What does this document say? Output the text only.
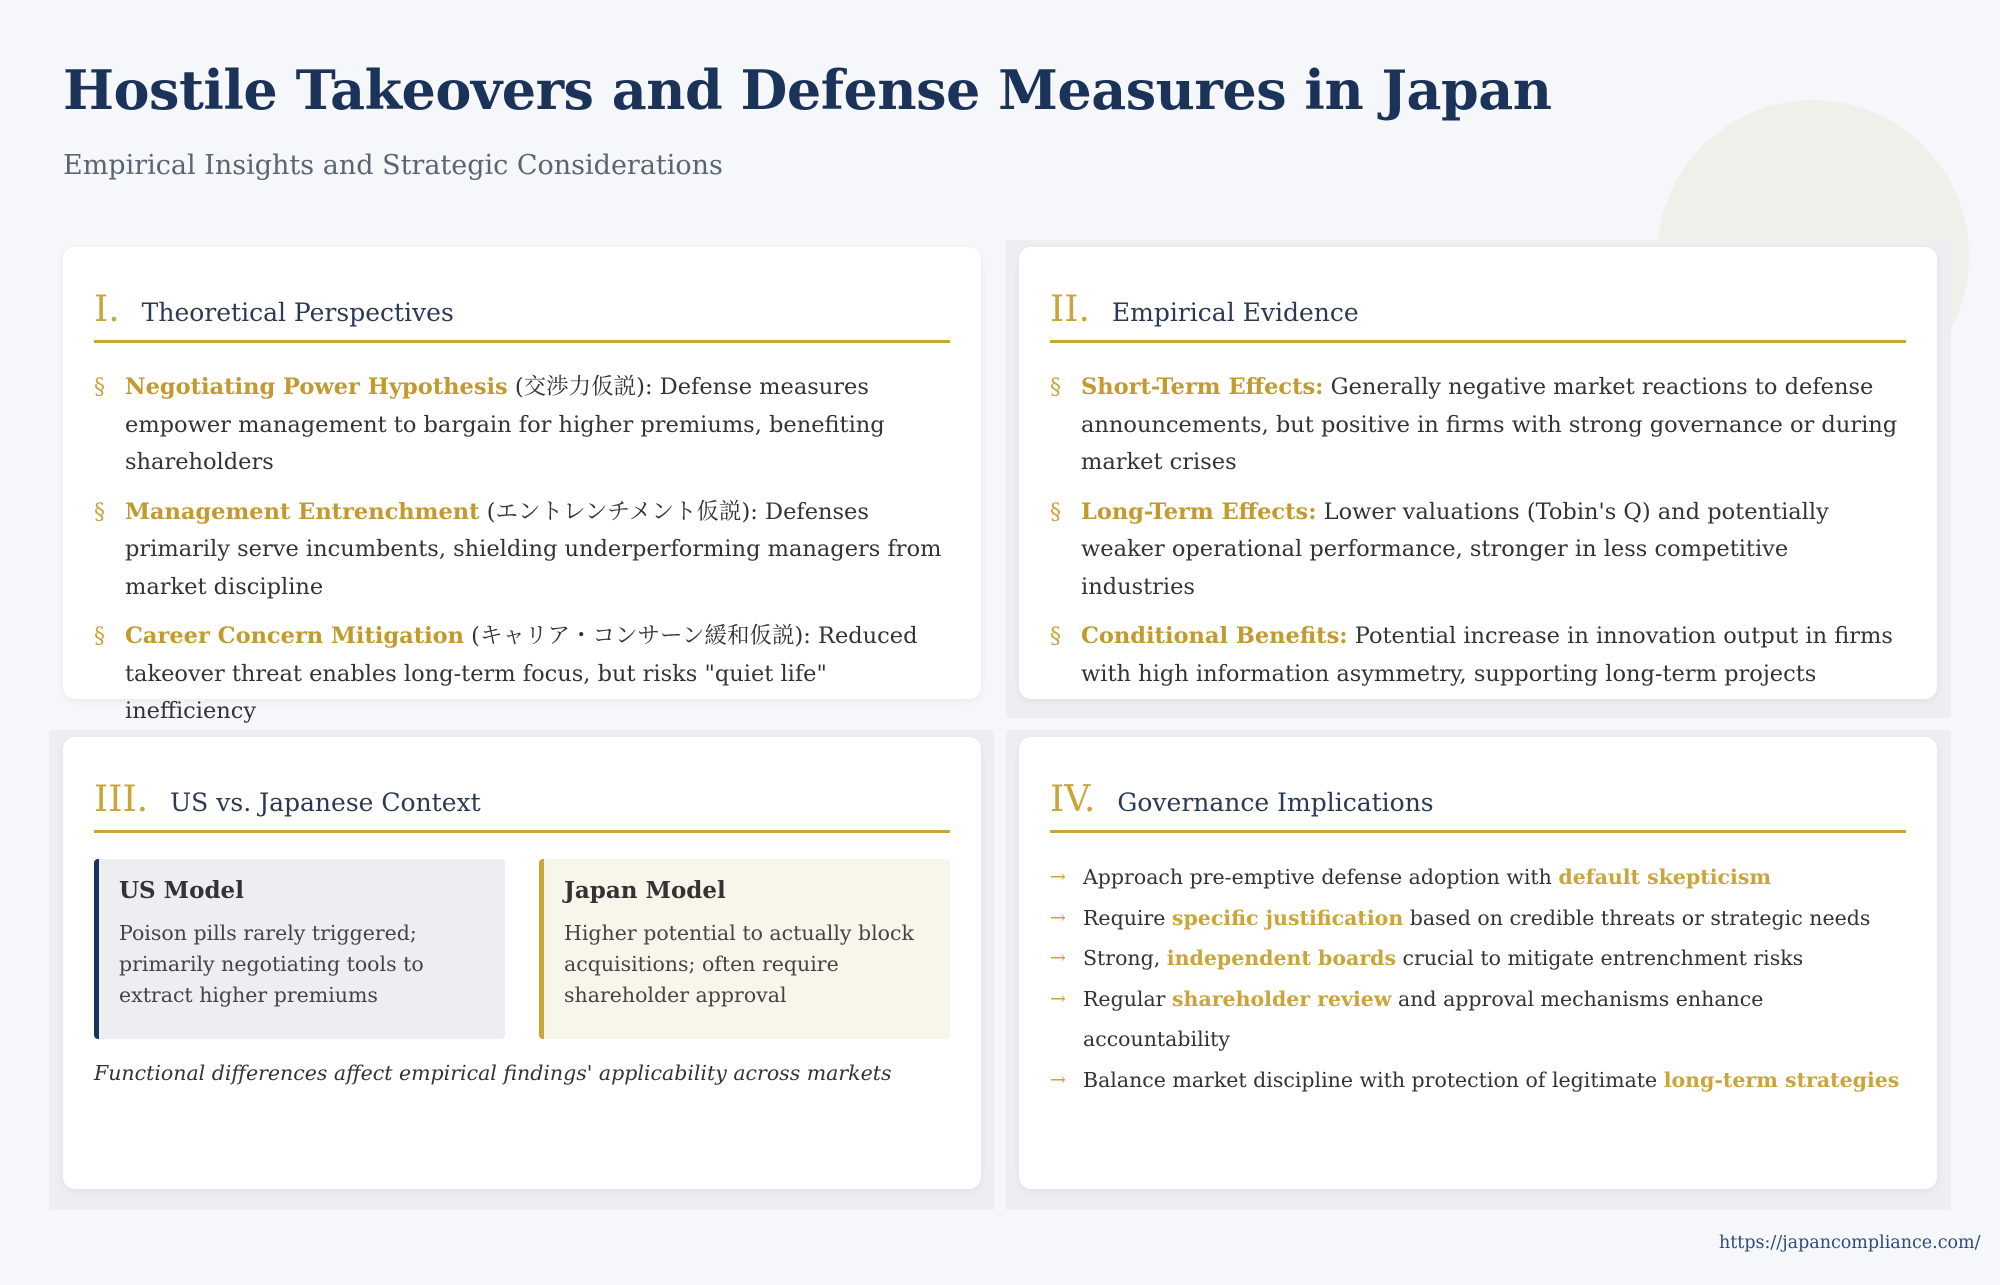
Hostile Takeovers and Defense Measures in Japan
Empirical Insights and Strategic Considerations
I. Theoretical Perspectives
§ Negotiating Power Hypothesis (交渉力仮説): Defense measures empower management to bargain for higher premiums, benefiting shareholders
§ Management Entrenchment (エントレンチメント仮説): Defenses primarily serve incumbents, shielding underperforming managers from market discipline
§ Career Concern Mitigation (キャリア・コンサーン緩和仮説): Reduced takeover threat enables long-term focus, but risks "quiet life" inefficiency
II. Empirical Evidence
§ Short-Term Effects: Generally negative market reactions to defense announcements, but positive in firms with strong governance or during market crises
§ Long-Term Effects: Lower valuations (Tobin's Q) and potentially weaker operational performance, stronger in less competitive industries
§ Conditional Benefits: Potential increase in innovation output in firms with high information asymmetry, supporting long-term projects
III. US vs. Japanese Context
US Model
Poison pills rarely triggered; primarily negotiating tools to extract higher premiums
Japan Model
Higher potential to actually block acquisitions; often require shareholder approval
Functional differences affect empirical findings' applicability across markets
IV. Governance Implications
→ Approach pre-emptive defense adoption with default skepticism
→ Require specific justification based on credible threats or strategic needs
→ Strong, independent boards crucial to mitigate entrenchment risks
→ Regular shareholder review and approval mechanisms enhance accountability
→ Balance market discipline with protection of legitimate long-term strategies
https://japancompliance.com/
